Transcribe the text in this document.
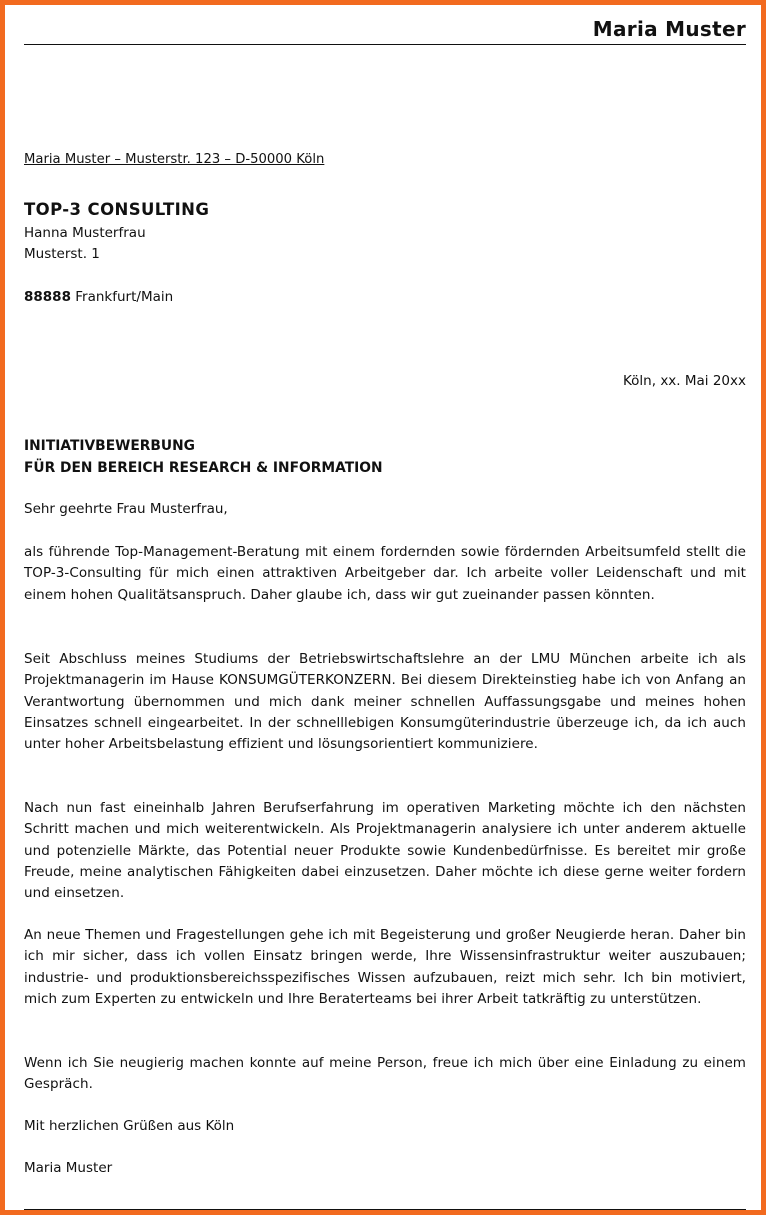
Maria Muster
Maria Muster – Musterstr. 123 – D-50000 Köln
TOP-3 CONSULTING
Hanna Musterfrau
Musterst. 1
88888 Frankfurt/Main
Köln, xx. Mai 20xx
INITIATIVBEWERBUNG
FÜR DEN BEREICH RESEARCH & INFORMATION
Sehr geehrte Frau Musterfrau,

als führende Top-Management-Beratung mit einem fordernden sowie fördernden Arbeitsumfeld stellt die TOP-3-Consulting für mich einen attraktiven Arbeitgeber dar. Ich arbeite voller Leidenschaft und mit einem hohen Qualitätsanspruch. Daher glaube ich, dass wir gut zueinander passen könnten.

Seit Abschluss meines Studiums der Betriebswirtschaftslehre an der LMU München arbeite ich als Projektmanagerin im Hause KONSUMGÜTERKONZERN. Bei diesem Direkteinstieg habe ich von Anfang an Verantwortung übernommen und mich dank meiner schnellen Auffassungsgabe und meines hohen Einsatzes schnell eingearbeitet. In der schnelllebigen Konsumgüterindustrie überzeuge ich, da ich auch unter hoher Arbeitsbelastung effizient und lösungsorientiert kommuniziere.

Nach nun fast eineinhalb Jahren Berufserfahrung im operativen Marketing möchte ich den nächsten Schritt machen und mich weiterentwickeln. Als Projektmanagerin analysiere ich unter anderem aktuelle und potenzielle Märkte, das Potential neuer Produkte sowie Kundenbedürfnisse. Es bereitet mir große Freude, meine analytischen Fähigkeiten dabei einzusetzen. Daher möchte ich diese gerne weiter fordern und einsetzen.

An neue Themen und Fragestellungen gehe ich mit Begeisterung und großer Neugierde heran. Daher bin ich mir sicher, dass ich vollen Einsatz bringen werde, Ihre Wissensinfrastruktur weiter auszubauen; industrie- und produktionsbereichsspezifisches Wissen aufzubauen, reizt mich sehr. Ich bin motiviert, mich zum Experten zu entwickeln und Ihre Beraterteams bei ihrer Arbeit tatkräftig zu unterstützen.

Wenn ich Sie neugierig machen konnte auf meine Person, freue ich mich über eine Einladung zu einem Gespräch.

Mit herzlichen Grüßen aus Köln
Maria Muster
